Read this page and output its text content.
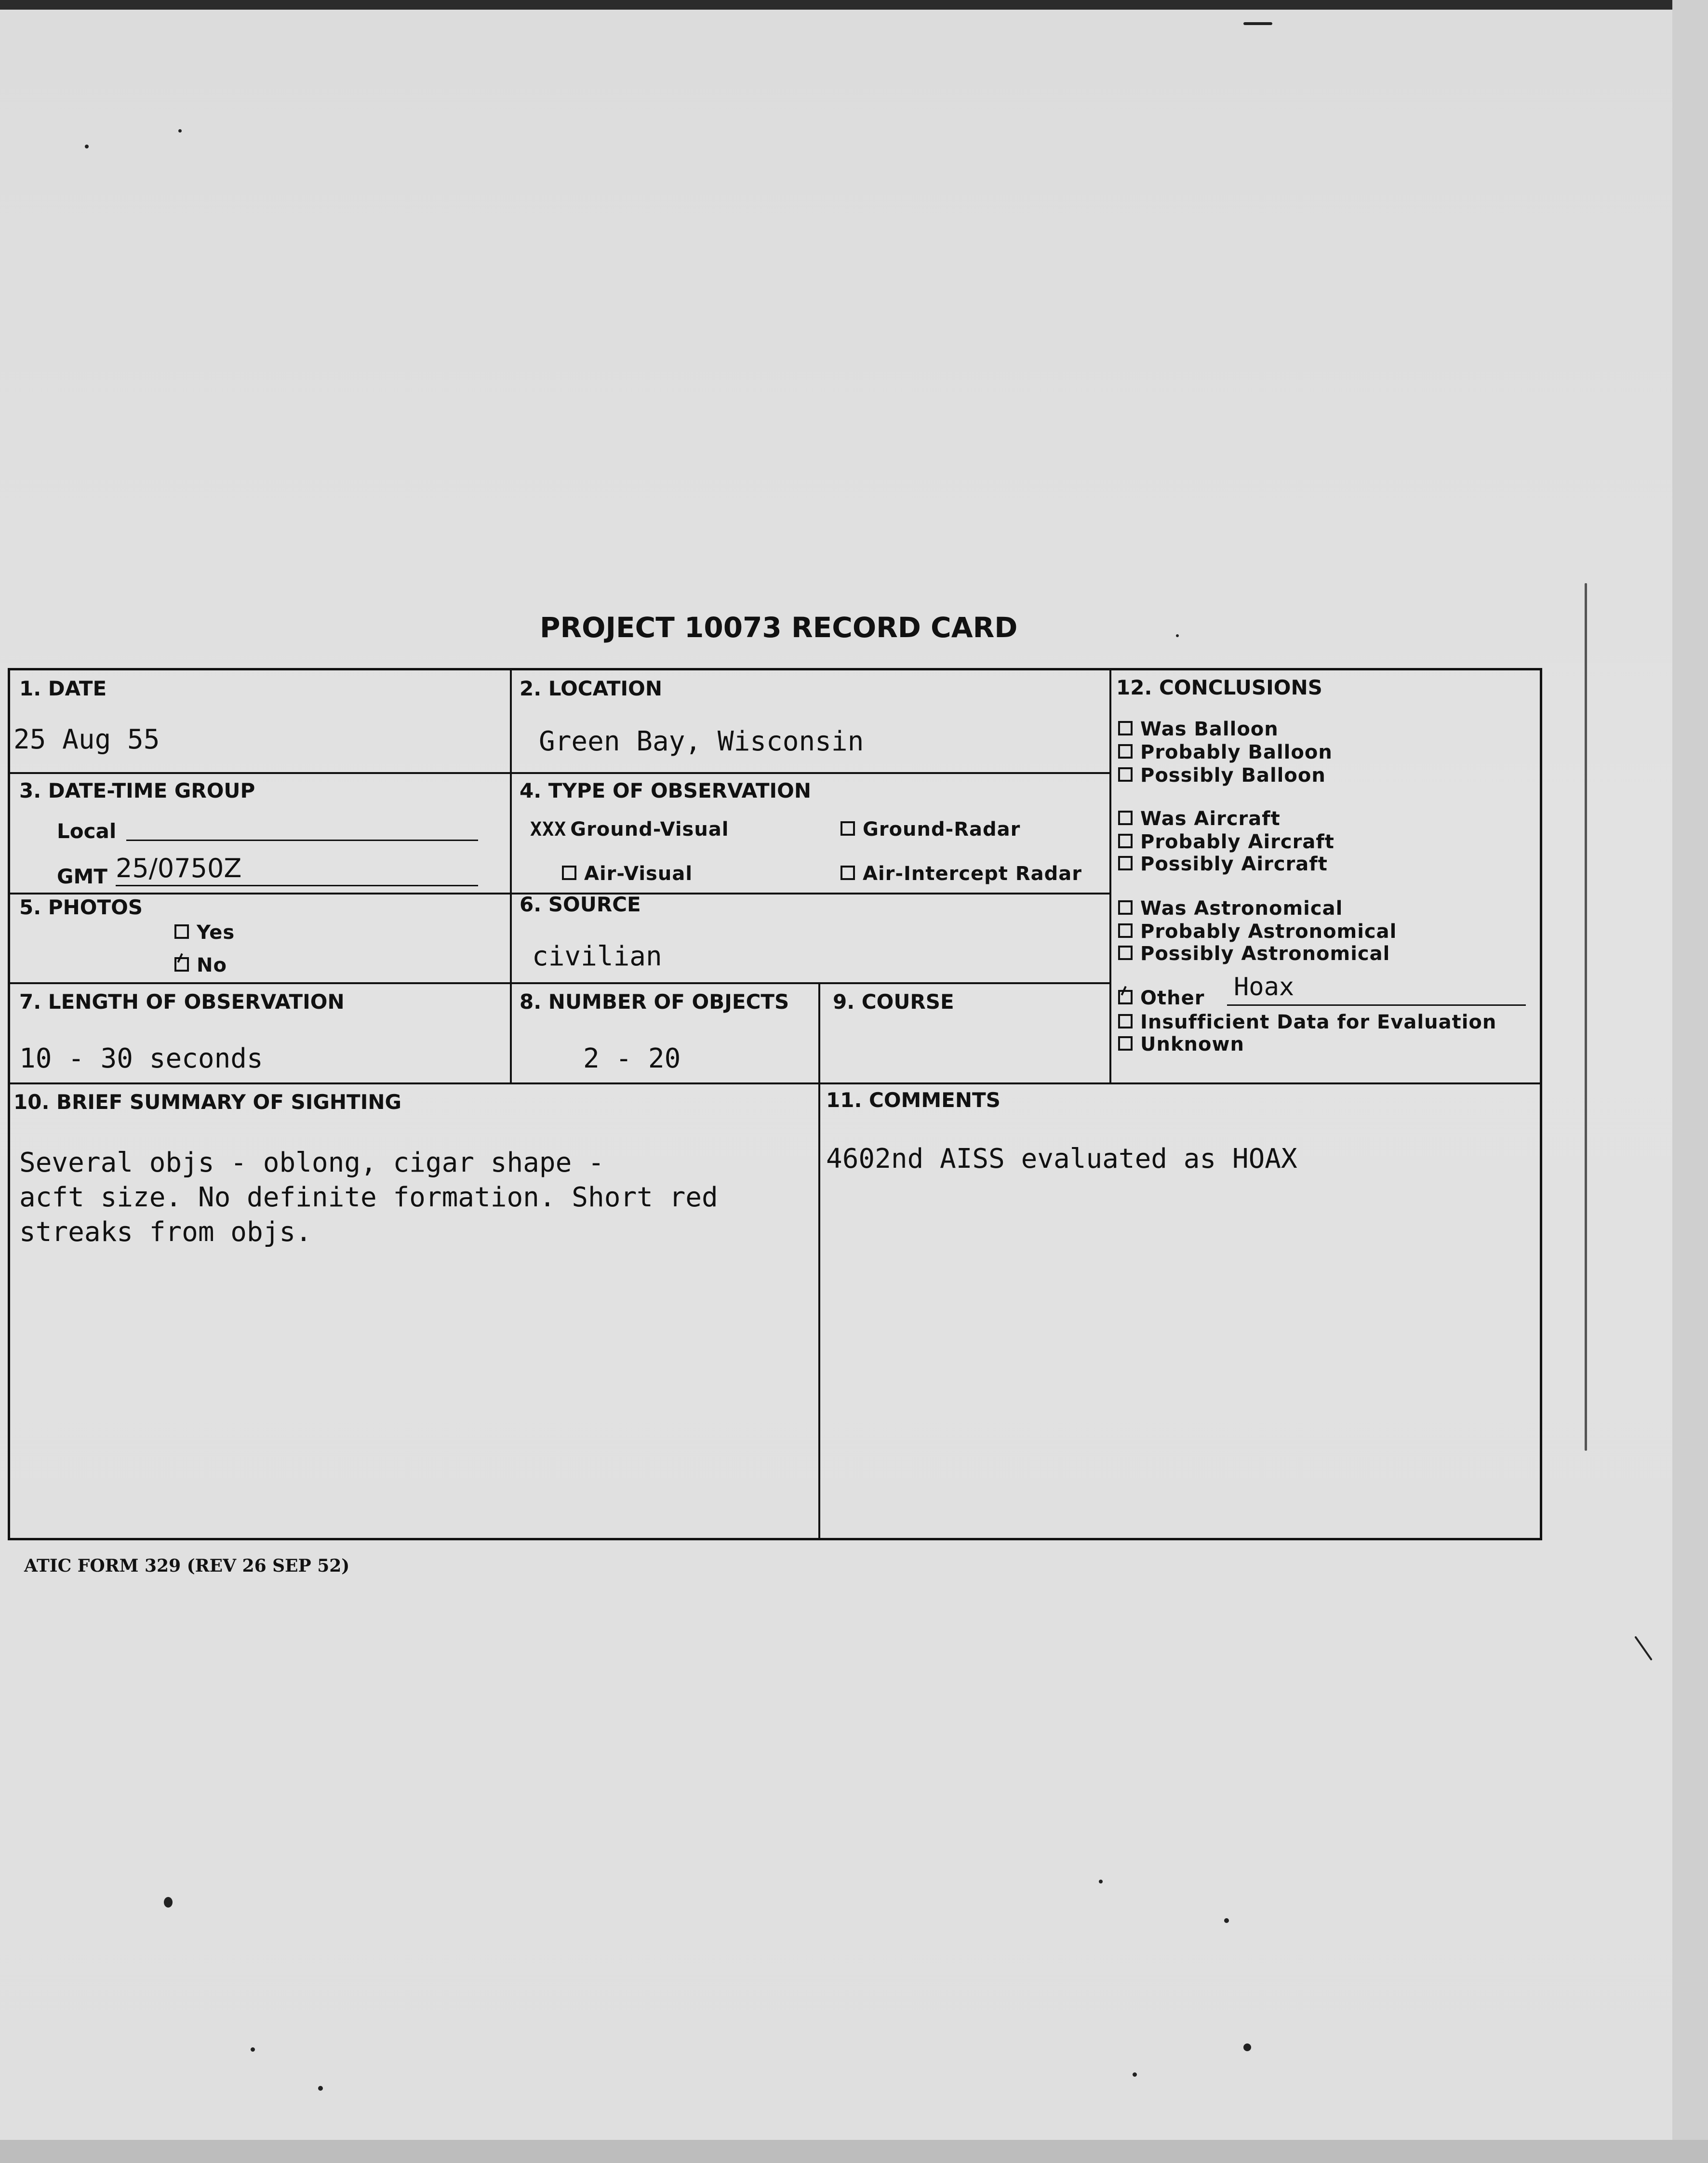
PROJECT 10073 RECORD CARD
1. DATE
25 Aug 55
2. LOCATION
Green Bay, Wisconsin
3. DATE-TIME GROUP
Local
GMT 25/0750Z
4. TYPE OF OBSERVATION
XXX Ground-Visual	Ground-Radar
Air-Visual	Air-Intercept Radar
5. PHOTOS
Yes
No
6. SOURCE
civilian
7. LENGTH OF OBSERVATION
10 - 30 seconds
8. NUMBER OF OBJECTS
2 - 20
9. COURSE
10. BRIEF SUMMARY OF SIGHTING
Several objs - oblong, cigar shape -
acft size. No definite formation. Short red
streaks from objs.
11. COMMENTS
4602nd AISS evaluated as HOAX
12. CONCLUSIONS
Was Balloon
Probably Balloon
Possibly Balloon
Was Aircraft
Probably Aircraft
Possibly Aircraft
Was Astronomical
Probably Astronomical
Possibly Astronomical
Other Hoax
Insufficient Data for Evaluation
Unknown
ATIC FORM 329 (REV 26 SEP 52)
